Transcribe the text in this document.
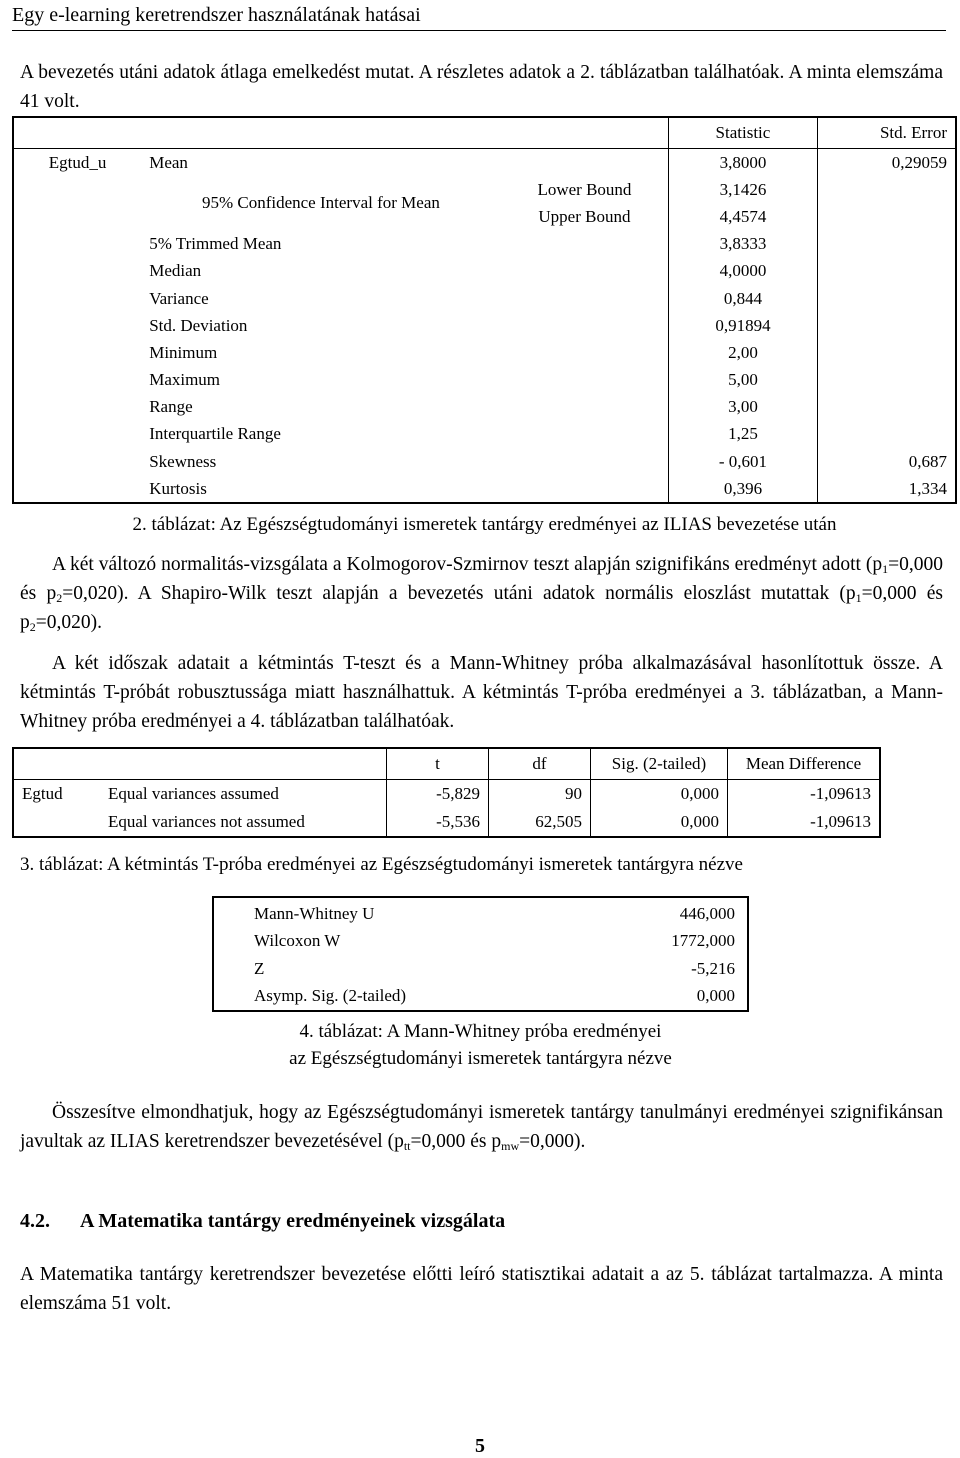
Egy e-learning keretrendszer használatának hatásai

A bevezetés utáni adatok átlaga emelkedést mutat. A részletes adatok a 2. táblázatban találhatóak. A minta elemszáma 41 volt.

			Statistic	Std. Error
Egtud_u	Mean		3,8000	0,29059
	95% Confidence Interval for Mean	Lower Bound	3,1426	
		Upper Bound	4,4574	
	5% Trimmed Mean		3,8333	
	Median		4,0000	
	Variance		0,844	
	Std. Deviation		0,91894	
	Minimum		2,00	
	Maximum		5,00	
	Range		3,00	
	Interquartile Range		1,25	
	Skewness		- 0,601	0,687
	Kurtosis		0,396	1,334
2. táblázat: Az Egészségtudományi ismeretek tantárgy eredményei az ILIAS bevezetése után

A két változó normalitás-vizsgálata a Kolmogorov-Szmirnov teszt alapján szignifikáns eredményt adott ($p_1=0,000$ és $p_2=0,020$). A Shapiro-Wilk teszt alapján a bevezetés utáni adatok normális eloszlást mutattak ($p_1=0,000$ és $p_2=0,020$).

A két időszak adatait a kétmintás T-teszt és a Mann-Whitney próba alkalmazásával hasonlítottuk össze. A kétmintás T-próbát robusztussága miatt használhattuk. A kétmintás T-próba eredményei a 3. táblázatban, a Mann-Whitney próba eredményei a 4. táblázatban találhatóak.

		t	df	Sig. (2-tailed)	Mean Difference
Egtud	Equal variances assumed	-5,829	90	0,000	-1,09613
	Equal variances not assumed	-5,536	62,505	0,000	-1,09613
3. táblázat: A kétmintás T-próba eredményei az Egészségtudományi ismeretek tantárgyra nézve
Mann-Whitney U	446,000
Wilcoxon W	1772,000
Z	-5,216
Asymp. Sig. (2-tailed)	0,000
4. táblázat: A Mann-Whitney próba eredményei
az Egészségtudományi ismeretek tantárgyra nézve

Összesítve elmondhatjuk, hogy az Egészségtudományi ismeretek tantárgy tanulmányi eredményei szignifikánsan javultak az ILIAS keretrendszer bevezetésével ($p_{tt}=0,000$ és $p_{mw}=0,000$).

4.2. A Matematika tantárgy eredményeinek vizsgálata

A Matematika tantárgy keretrendszer bevezetése előtti leíró statisztikai adatait a az 5. táblázat tartalmazza. A minta elemszáma 51 volt.

5
